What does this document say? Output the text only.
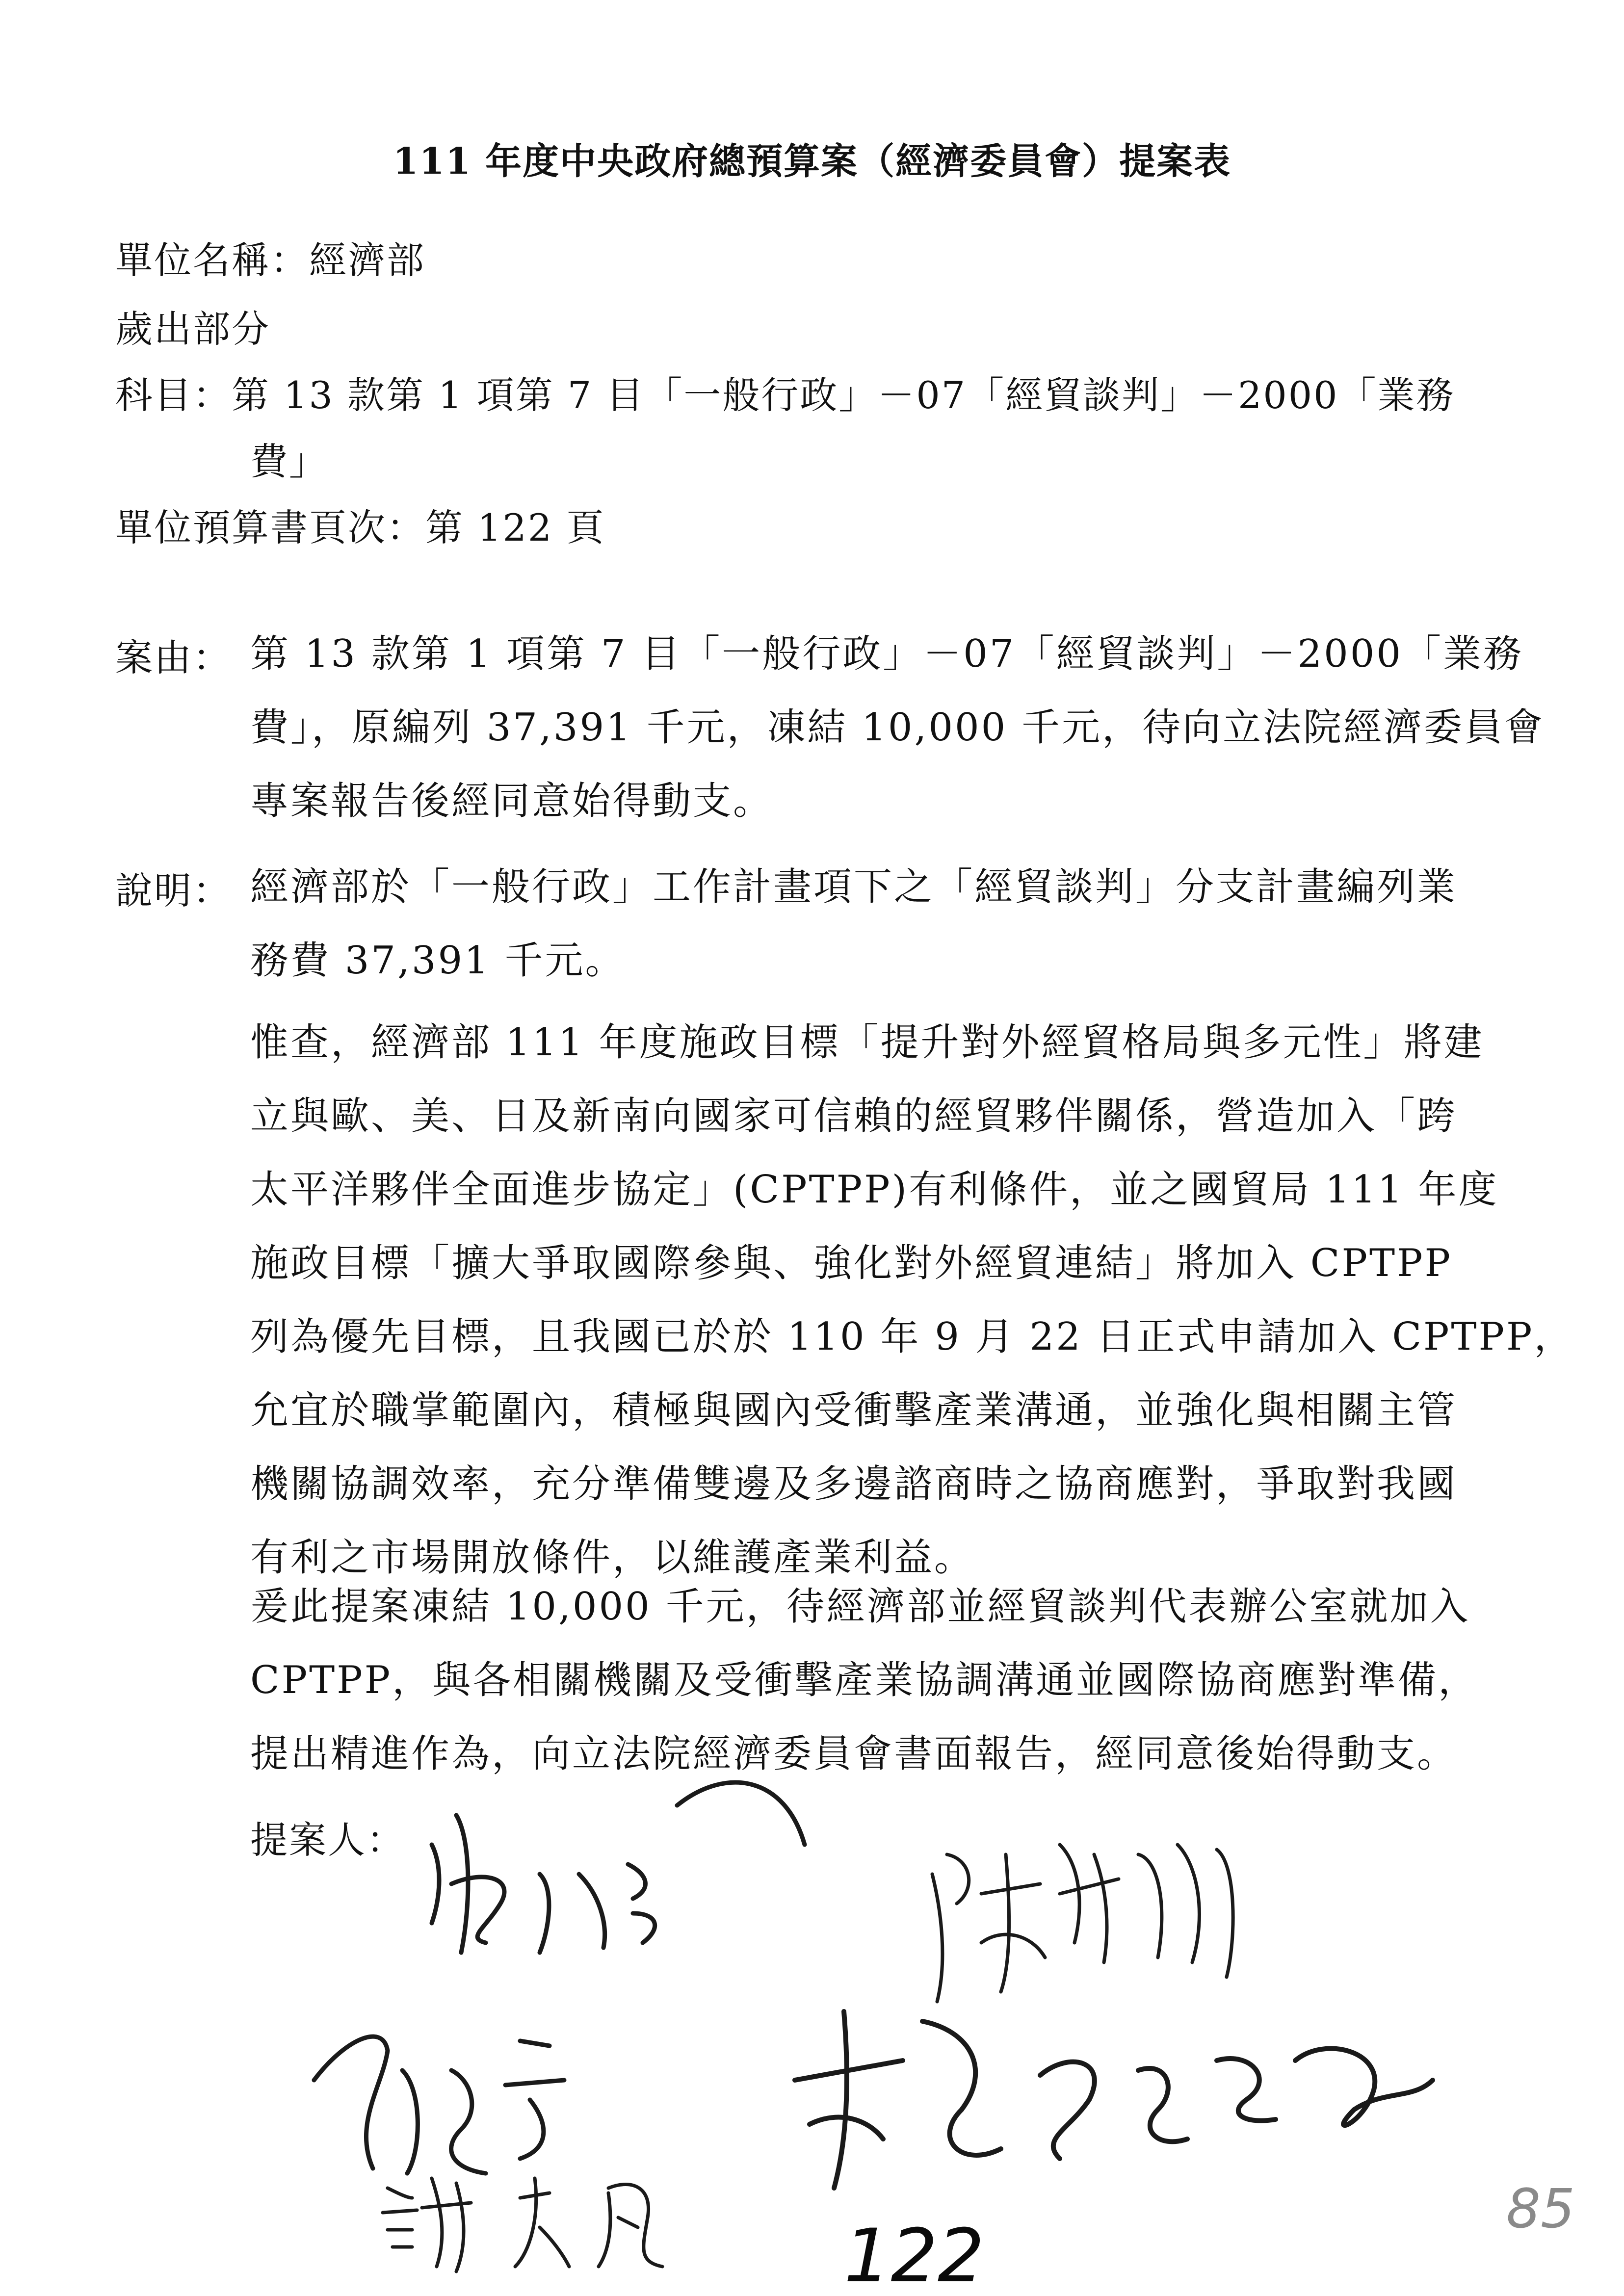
111 年度中央政府總預算案（經濟委員會）提案表
單位名稱：經濟部
歲出部分
科目：第 13 款第 1 項第 7 目「一般行政」－07「經貿談判」－2000「業務
費」
單位預算書頁次：第 122 頁
案由： 第 13 款第 1 項第 7 目「一般行政」－07「經貿談判」－2000「業務
費」，原編列 37,391 千元，凍結 10,000 千元，待向立法院經濟委員會
專案報告後經同意始得動支。
說明： 經濟部於「一般行政」工作計畫項下之「經貿談判」分支計畫編列業
務費 37,391 千元。
惟查，經濟部 111 年度施政目標「提升對外經貿格局與多元性」將建
立與歐、美、日及新南向國家可信賴的經貿夥伴關係，營造加入「跨
太平洋夥伴全面進步協定」(CPTPP)有利條件，並之國貿局 111 年度
施政目標「擴大爭取國際參與、強化對外經貿連結」將加入 CPTPP
列為優先目標，且我國已於於 110 年 9 月 22 日正式申請加入 CPTPP，
允宜於職掌範圍內，積極與國內受衝擊產業溝通，並強化與相關主管
機關協調效率，充分準備雙邊及多邊諮商時之協商應對，爭取對我國
有利之市場開放條件，以維護產業利益。
爰此提案凍結 10,000 千元，待經濟部並經貿談判代表辦公室就加入
CPTPP，與各相關機關及受衝擊產業協調溝通並國際協商應對準備，
提出精進作為，向立法院經濟委員會書面報告，經同意後始得動支。
提案人：
122
85
